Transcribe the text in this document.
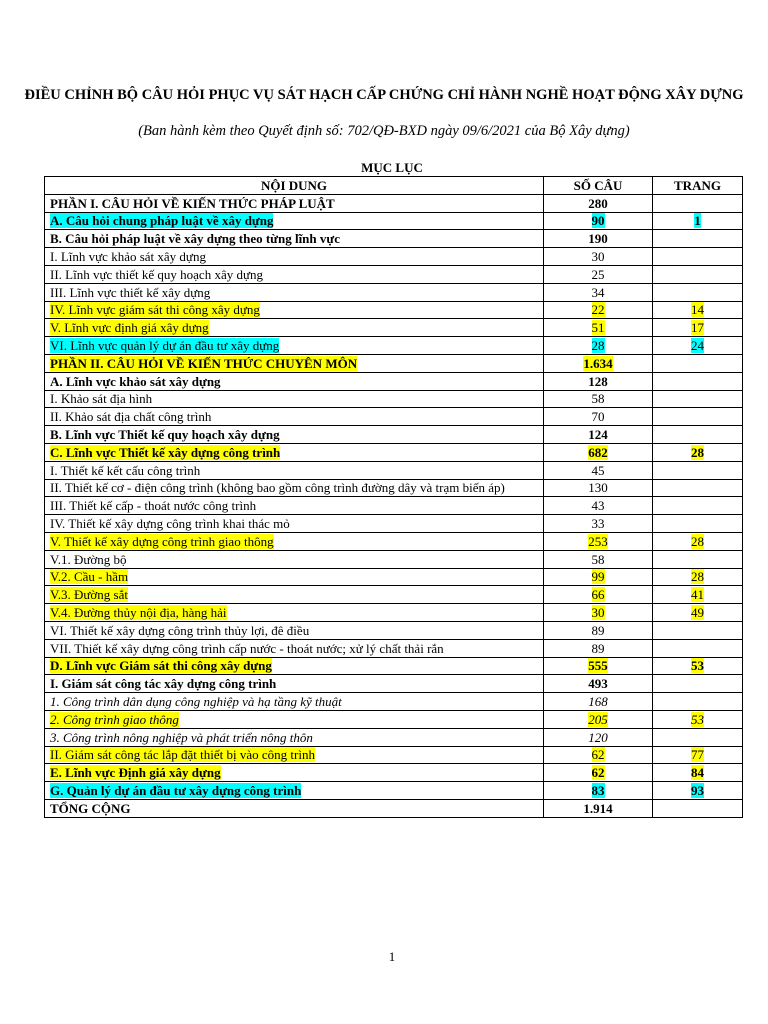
ĐIỀU CHỈNH BỘ CÂU HỎI PHỤC VỤ SÁT HẠCH CẤP CHỨNG CHỈ HÀNH NGHỀ HOẠT ĐỘNG XÂY DỰNG
(Ban hành kèm theo Quyết định số: 702/QĐ-BXD ngày 09/6/2021 của Bộ Xây dựng)
MỤC LỤC
NỘI DUNG	SỐ CÂU	TRANG
PHẦN I. CÂU HỎI VỀ KIẾN THỨC PHÁP LUẬT	280	
A. Câu hỏi chung pháp luật về xây dựng	90	1
B. Câu hỏi pháp luật về xây dựng theo từng lĩnh vực	190	
I. Lĩnh vực khảo sát xây dựng	30	
II. Lĩnh vực thiết kế quy hoạch xây dựng	25	
III. Lĩnh vực thiết kế xây dựng	34	
IV. Lĩnh vực giám sát thi công xây dựng	22	14
V. Lĩnh vực định giá xây dựng	51	17
VI. Lĩnh vực quản lý dự án đầu tư xây dựng	28	24
PHẦN II. CÂU HỎI VỀ KIẾN THỨC CHUYÊN MÔN	1.634	
A. Lĩnh vực khảo sát xây dựng	128	
I. Khảo sát địa hình	58	
II. Khảo sát địa chất công trình	70	
B. Lĩnh vực Thiết kế quy hoạch xây dựng	124	
C. Lĩnh vực Thiết kế xây dựng công trình	682	28
I. Thiết kế kết cấu công trình	45	
II. Thiết kế cơ - điện công trình (không bao gồm công trình đường dây và trạm biến áp)	130	
III. Thiết kế cấp - thoát nước công trình	43	
IV. Thiết kế xây dựng công trình khai thác mỏ	33	
V. Thiết kế xây dựng công trình giao thông	253	28
V.1. Đường bộ	58	
V.2. Cầu - hầm	99	28
V.3. Đường sắt	66	41
V.4. Đường thủy nội địa, hàng hải	30	49
VI. Thiết kế xây dựng công trình thủy lợi, đê điều	89	
VII. Thiết kế xây dựng công trình cấp nước - thoát nước; xử lý chất thải rắn	89	
D. Lĩnh vực Giám sát thi công xây dựng	555	53
I. Giám sát công tác xây dựng công trình	493	
1. Công trình dân dụng công nghiệp và hạ tầng kỹ thuật	168	
2. Công trình giao thông	205	53
3. Công trình nông nghiệp và phát triển nông thôn	120	
II. Giám sát công tác lắp đặt thiết bị vào công trình	62	77
E. Lĩnh vực Định giá xây dựng	62	84
G. Quản lý dự án đầu tư xây dựng công trình	83	93
TỔNG CỘNG	1.914	
1
